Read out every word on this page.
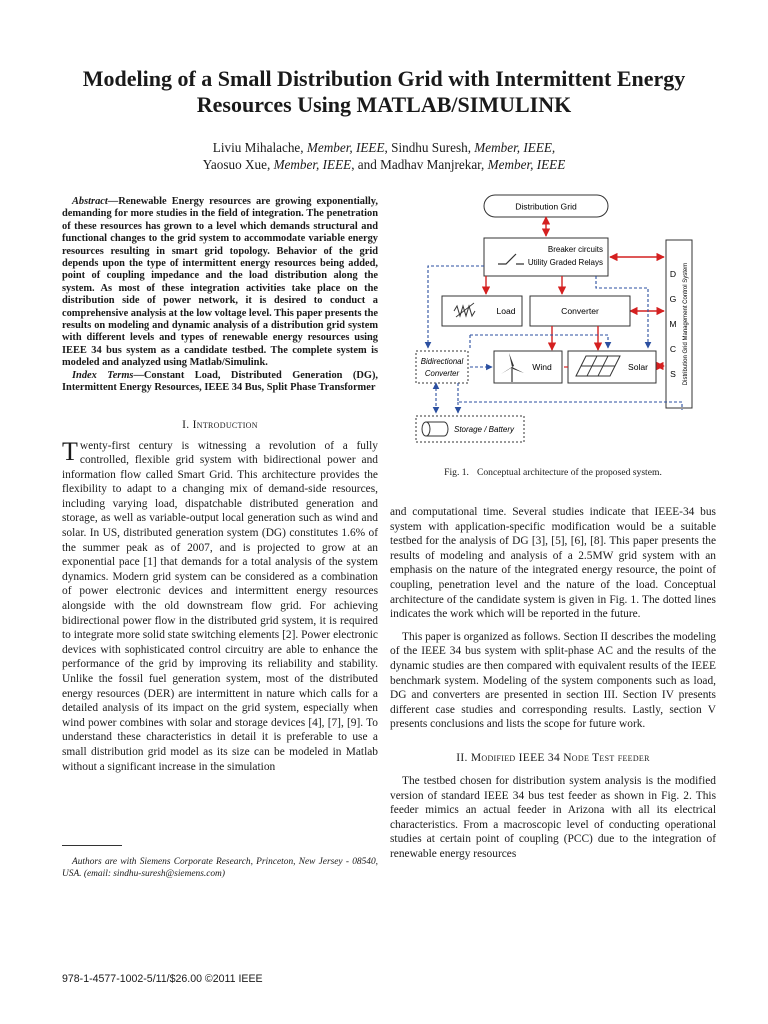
Modeling of a Small Distribution Grid with Intermittent Energy Resources Using MATLAB/SIMULINK
Liviu Mihalache, Member, IEEE, Sindhu Suresh, Member, IEEE,
Yaosuo Xue, Member, IEEE, and Madhav Manjrekar, Member, IEEE

Abstract—Renewable Energy resources are growing exponentially, demanding for more studies in the field of integration. The penetration of these resources has grown to a level which demands structural and functional changes to the grid system to accommodate variable energy resources resulting in smart grid topology. Behavior of the grid depends upon the type of intermittent energy resources being added, point of coupling impedance and the load distribution along the system. As most of these integration activities take place on the distribution side of power network, it is desired to conduct a comprehensive analysis at the low voltage level. This paper presents the results on modeling and dynamic analysis of a distribution grid system with different levels and types of renewable energy resources using IEEE 34 bus system as a candidate testbed. The complete system is modeled and analyzed using Matlab/Simulink.

Index Terms—Constant Load, Distributed Generation (DG), Intermittent Energy Resources, IEEE 34 Bus, Split Phase Transformer

I. Introduction

Twenty-first century is witnessing a revolution of a fully controlled, flexible grid system with bidirectional power and information flow called Smart Grid. This architecture provides the flexibility to adapt to a changing mix of demand-side resources, including varying load, dispatchable distributed generation and storage, as well as variable-output local generation such as wind and solar. In US, distributed generation system (DG) constitutes 1.6% of the summer peak as of 2007, and is projected to grow at an exponential pace [1] that demands for a total analysis of the system dynamics. Modern grid system can be considered as a combination of power electronic devices and intermittent energy resources alongside with the old downstream flow grid. For achieving bidirectional power flow in the distributed grid system, it is required to integrate more solid state switching elements [2]. Power electronic devices with sophisticated control circuitry are able to enhance the performance of the grid by improving its reliability and stability. Unlike the fossil fuel generation system, most of the distributed energy resources (DER) are intermittent in nature which calls for a detailed analysis of its impact on the grid system, especially when wind power combines with solar and storage devices [4], [7], [9]. To understand these characteristics in detail it is preferable to use a small distribution grid model as its size can be modeled in Matlab without a significant increase in the simulation

Distribution Grid
Breaker circuits
Utility Graded Relays
D
G
M
C
S Distribution Grid Management Control System
Load	Converter
Bidirectional
Converter
Wind	Solar
Storage / Battery
Fig. 1. Conceptual architecture of the proposed system.

and computational time. Several studies indicate that IEEE-34 bus system with application-specific modification would be a suitable testbed for the analysis of DG [3], [5], [6], [8]. This paper presents the results of modeling and analysis of a 2.5MW grid system with an emphasis on the nature of the integrated energy resource, the point of coupling, penetration level and the nature of the load. Conceptual architecture of the candidate system is given in Fig. 1. The dotted lines indicates the work which will be reported in the future.

This paper is organized as follows. Section II describes the modeling of the IEEE 34 bus system with split-phase AC and the results of the dynamic studies are then compared with equivalent results of the IEEE benchmark system. Modeling of the system components such as load, DG and converters are presented in section III. Section IV presents different case studies and corresponding results. Lastly, section V presents conclusions and lists the scope for future work.

II. Modified IEEE 34 Node Test feeder

The testbed chosen for distribution system analysis is the modified version of standard IEEE 34 bus test feeder as shown in Fig. 2. This feeder mimics an actual feeder in Arizona with all its electrical characteristics. From a macroscopic level of conducting operational studies at certain point of coupling (PCC) due to the integration of renewable energy resources

Authors are with Siemens Corporate Research, Princeton, New Jersey - 08540, USA. (email: sindhu-suresh@siemens.com)
978-1-4577-1002-5/11/$26.00 ©2011 IEEE
